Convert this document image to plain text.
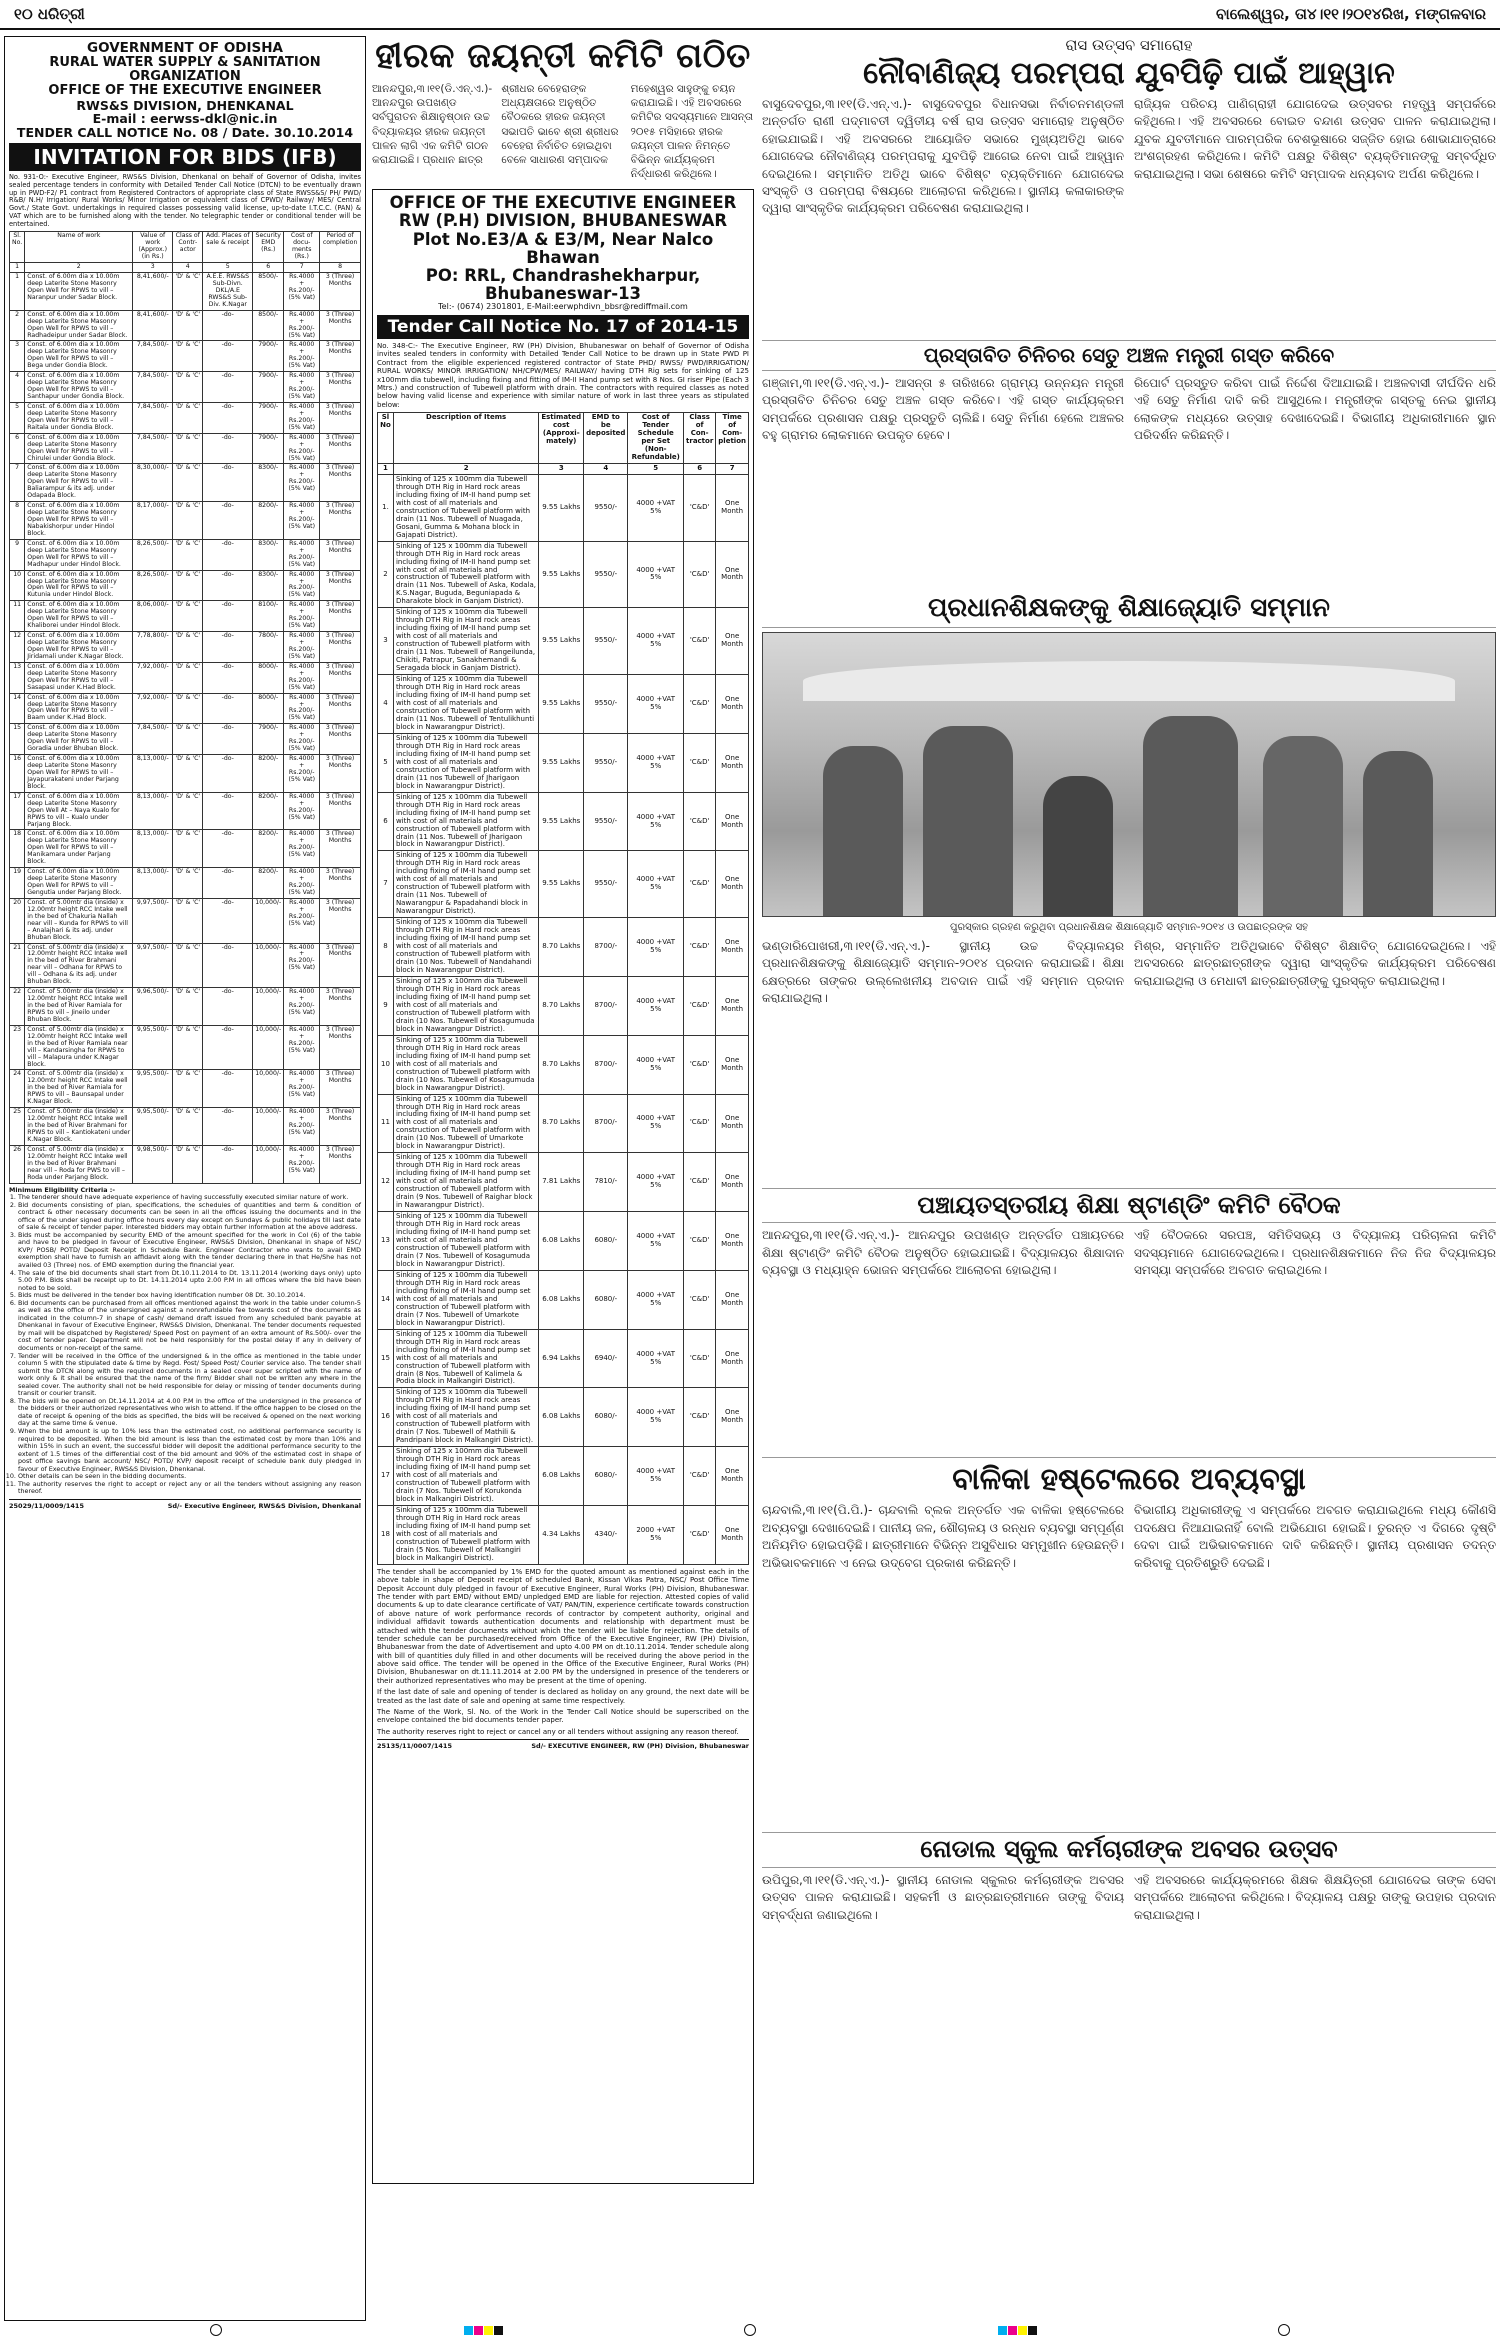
୧୦ ଧରିତ୍ରୀ	ବାଲେଶ୍ୱର, ତା୪।୧୧।୨୦୧୪ରିଖ, ମଙ୍ଗଳବାର
GOVERNMENT OF ODISHA
RURAL WATER SUPPLY & SANITATION ORGANIZATION
OFFICE OF THE EXECUTIVE ENGINEER
RWS&S DIVISION, DHENKANAL
E-mail : eerwss-dkl@nic.in
TENDER CALL NOTICE No. 08 / Date. 30.10.2014
INVITATION FOR BIDS (IFB)
No. 931-O:- Executive Engineer, RWS&S Division, Dhenkanal on behalf of Governor of Odisha, invites sealed percentage tenders in conformity with Detailed Tender Call Notice (DTCN) to be eventually drawn up in PWD-F2/ P1 contract from Registered Contractors of appropriate class of State RWSS&S/ PH/ PWD/ R&B/ N.H/ Irrigation/ Rural Works/ Minor Irrigation or equivalent class of CPWD/ Railway/ MES/ Central Govt./ State Govt. undertakings in required classes possessing valid license, up-to-date I.T.C.C. (PAN) & VAT which are to be furnished along with the tender. No telegraphic tender or conditional tender will be entertained.
Sl. No.	Name of work	Value of work (Approx.) (in Rs.)	Class of Contr-actor	Add. Places of sale & receipt	Security EMD (Rs.)	Cost of docu-ments (Rs.)	Period of completion
1	2	3	4	5	6	7	8
1	Const. of 6.00m dia x 10.00m deep Laterite Stone Masonry Open Well for RPWS to vill – Naranpur under Sadar Block.	8,41,600/-	'D' & 'C'	A.E.E. RWS&S Sub-Divn. DKL/A.E RWS&S Sub-Div. K.Nagar	8500/-	Rs.4000 + Rs.200/- (5% Vat)	3 (Three) Months
2	Const. of 6.00m dia x 10.00m deep Laterite Stone Masonry Open Well for RPWS to vill – Radhadeipur under Sadar Block.	8,41,600/-	'D' & 'C'	-do-	8500/-	Rs.4000 + Rs.200/- (5% Vat)	3 (Three) Months
3	Const. of 6.00m dia x 10.00m deep Laterite Stone Masonry Open Well for RPWS to vill – Bega under Gondia Block.	7,84,500/-	'D' & 'C'	-do-	7900/-	Rs.4000 + Rs.200/- (5% Vat)	3 (Three) Months
4	Const. of 6.00m dia x 10.00m deep Laterite Stone Masonry Open Well for RPWS to vill – Santhapur under Gondia Block.	7,84,500/-	'D' & 'C'	-do-	7900/-	Rs.4000 + Rs.200/- (5% Vat)	3 (Three) Months
5	Const. of 6.00m dia x 10.00m deep Laterite Stone Masonry Open Well for RPWS to vill – Raitala under Gondia Block.	7,84,500/-	'D' & 'C'	-do-	7900/-	Rs.4000 + Rs.200/- (5% Vat)	3 (Three) Months
6	Const. of 6.00m dia x 10.00m deep Laterite Stone Masonry Open Well for RPWS to vill – Chirulei under Gondia Block.	7,84,500/-	'D' & 'C'	-do-	7900/-	Rs.4000 + Rs.200/- (5% Vat)	3 (Three) Months
7	Const. of 6.00m dia x 10.00m deep Laterite Stone Masonry Open Well for RPWS to vill – Baliarampur & its adj. under Odapada Block.	8,30,000/-	'D' & 'C'	-do-	8300/-	Rs.4000 + Rs.200/- (5% Vat)	3 (Three) Months
8	Const. of 6.00m dia x 10.00m deep Laterite Stone Masonry Open Well for RPWS to vill – Nabakishorpur under Hindol Block.	8,17,000/-	'D' & 'C'	-do-	8200/-	Rs.4000 + Rs.200/- (5% Vat)	3 (Three) Months
9	Const. of 6.00m dia x 10.00m deep Laterite Stone Masonry Open Well for RPWS to vill – Madhapur under Hindol Block.	8,26,500/-	'D' & 'C'	-do-	8300/-	Rs.4000 + Rs.200/- (5% Vat)	3 (Three) Months
10	Const. of 6.00m dia x 10.00m deep Laterite Stone Masonry Open Well for RPWS to vill – Kutunia under Hindol Block.	8,26,500/-	'D' & 'C'	-do-	8300/-	Rs.4000 + Rs.200/- (5% Vat)	3 (Three) Months
11	Const. of 6.00m dia x 10.00m deep Laterite Stone Masonry Open Well for RPWS to vill – Khaliborei under Hindol Block.	8,06,000/-	'D' & 'C'	-do-	8100/-	Rs.4000 + Rs.200/- (5% Vat)	3 (Three) Months
12	Const. of 6.00m dia x 10.00m deep Laterite Stone Masonry Open Well for RPWS to vill – Jiridamali under K.Nagar Block.	7,78,800/-	'D' & 'C'	-do-	7800/-	Rs.4000 + Rs.200/- (5% Vat)	3 (Three) Months
13	Const. of 6.00m dia x 10.00m deep Laterite Stone Masonry Open Well for RPWS to vill – Sasapasi under K.Had Block.	7,92,000/-	'D' & 'C'	-do-	8000/-	Rs.4000 + Rs.200/- (5% Vat)	3 (Three) Months
14	Const. of 6.00m dia x 10.00m deep Laterite Stone Masonry Open Well for RPWS to vill – Baam under K.Had Block.	7,92,000/-	'D' & 'C'	-do-	8000/-	Rs.4000 + Rs.200/- (5% Vat)	3 (Three) Months
15	Const. of 6.00m dia x 10.00m deep Laterite Stone Masonry Open Well for RPWS to vill – Goradia under Bhuban Block.	7,84,500/-	'D' & 'C'	-do-	7900/-	Rs.4000 + Rs.200/- (5% Vat)	3 (Three) Months
16	Const. of 6.00m dia x 10.00m deep Laterite Stone Masonry Open Well for RPWS to vill – Jayapurakateni under Parjang Block.	8,13,000/-	'D' & 'C'	-do-	8200/-	Rs.4000 + Rs.200/- (5% Vat)	3 (Three) Months
17	Const. of 6.00m dia x 10.00m deep Laterite Stone Masonry Open Well At – Naya Kualo for RPWS to vill – Kualo under Parjang Block.	8,13,000/-	'D' & 'C'	-do-	8200/-	Rs.4000 + Rs.200/- (5% Vat)	3 (Three) Months
18	Const. of 6.00m dia x 10.00m deep Laterite Stone Masonry Open Well for RPWS to vill – Manikamara under Parjang Block.	8,13,000/-	'D' & 'C'	-do-	8200/-	Rs.4000 + Rs.200/- (5% Vat)	3 (Three) Months
19	Const. of 6.00m dia x 10.00m deep Laterite Stone Masonry Open Well for RPWS to vill – Gengutia under Parjang Block.	8,13,000/-	'D' & 'C'	-do-	8200/-	Rs.4000 + Rs.200/- (5% Vat)	3 (Three) Months
20	Const. of 5.00mtr dia (inside) x 12.00mtr height RCC Intake well in the bed of Chakuria Nallah near vill – Kunda for RPWS to vill – Analajhari & its adj. under Bhuban Block.	9,97,500/-	'D' & 'C'	-do-	10,000/-	Rs.4000 + Rs.200/- (5% Vat)	3 (Three) Months
21	Const. of 5.00mtr dia (inside) x 12.00mtr height RCC Intake well in the bed of River Brahmani near vill – Odhana for RPWS to vill – Odhana & its adj. under Bhuban Block.	9,97,500/-	'D' & 'C'	-do-	10,000/-	Rs.4000 + Rs.200/- (5% Vat)	3 (Three) Months
22	Const. of 5.00mtr dia (inside) x 12.00mtr height RCC Intake well in the bed of River Ramiala for RPWS to vill – Jineilo under Bhuban Block.	9,96,500/-	'D' & 'C'	-do-	10,000/-	Rs.4000 + Rs.200/- (5% Vat)	3 (Three) Months
23	Const. of 5.00mtr dia (inside) x 12.00mtr height RCC Intake well in the bed of River Ramiala near vill – Kandarsingha for RPWS to vill – Malapura under K.Nagar Block.	9,95,500/-	'D' & 'C'	-do-	10,000/-	Rs.4000 + Rs.200/- (5% Vat)	3 (Three) Months
24	Const. of 5.00mtr dia (inside) x 12.00mtr height RCC Intake well in the bed of River Ramiala for RPWS to vill – Baunsapal under K.Nagar Block.	9,95,500/-	'D' & 'C'	-do-	10,000/-	Rs.4000 + Rs.200/- (5% Vat)	3 (Three) Months
25	Const. of 5.00mtr dia (inside) x 12.00mtr height RCC Intake well in the bed of River Brahmani for RPWS to vill – Kantiokateni under K.Nagar Block.	9,95,500/-	'D' & 'C'	-do-	10,000/-	Rs.4000 + Rs.200/- (5% Vat)	3 (Three) Months
26	Const. of 5.00mtr dia (inside) x 12.00mtr height RCC Intake well in the bed of River Brahmani near vill – Roda for PWS to vill – Roda under Parjang Block.	9,98,500/-	'D' & 'C'	-do-	10,000/-	Rs.4000 + Rs.200/- (5% Vat)	3 (Three) Months
Minimum Eligibility Criteria :-
1. The tenderer should have adequate experience of having successfully executed similar nature of work.
2. Bid documents consisting of plan, specifications, the schedules of quantities and term & condition of contract & other necessary documents can be seen in all the offices issuing the documents and in the office of the under signed during office hours every day except on Sundays & public holidays till last date of sale & receipt of tender paper. Interested bidders may obtain further information at the above address.
3. Bids must be accompanied by security EMD of the amount specified for the work in Col (6) of the table and have to be pledged in favour of Executive Engineer, RWS&S Division, Dhenkanal in shape of NSC/ KVP/ POSB/ POTD/ Deposit Receipt in Schedule Bank. Engineer Contractor who wants to avail EMD exemption shall have to furnish an affidavit along with the tender declaring there in that He/She has not availed 03 (Three) nos. of EMD exemption during the financial year.
4. The sale of the bid documents shall start from Dt.10.11.2014 to Dt. 13.11.2014 (working days only) upto 5.00 P.M. Bids shall be receipt up to Dt. 14.11.2014 upto 2.00 P.M in all offices where the bid have been noted to be sold.
5. Bids must be delivered in the tender box having identification number 08 Dt. 30.10.2014.
6. Bid documents can be purchased from all offices mentioned against the work in the table under column-5 as well as the office of the undersigned against a nonrefundable fee towards cost of the documents as indicated in the column-7 in shape of cash/ demand draft issued from any scheduled bank payable at Dhenkanal in favour of Executive Engineer, RWS&S Division, Dhenkanal. The tender documents requested by mail will be dispatched by Registered/ Speed Post on payment of an extra amount of Rs.500/- over the cost of tender paper. Department will not be held responsibly for the postal delay if any in delivery of documents or non-receipt of the same.
7. Tender will be received in the Office of the undersigned & in the office as mentioned in the table under column 5 with the stipulated date & time by Regd. Post/ Speed Post/ Courier service also. The tender shall submit the DTCN along with the required documents in a sealed cover super scripted with the name of work only & it shall be ensured that the name of the firm/ Bidder shall not be written any where in the sealed cover. The authority shall not be held responsible for delay or missing of tender documents during transit or courier transit.
8. The bids will be opened on Dt.14.11.2014 at 4.00 P.M in the office of the undersigned in the presence of the bidders or their authorized representatives who wish to attend. If the office happen to be closed on the date of receipt & opening of the bids as specified, the bids will be received & opened on the next working day at the same time & venue.
9. When the bid amount is up to 10% less than the estimated cost, no additional performance security is required to be deposited. When the bid amount is less than the estimated cost by more than 10% and within 15% in such an event, the successful bidder will deposit the additional performance security to the extent of 1.5 times of the differential cost of the bid amount and 90% of the estimated cost in shape of post office savings bank account/ NSC/ POTD/ KVP/ deposit receipt of schedule bank duly pledged in favour of Executive Engineer, RWS&S Division, Dhenkanal.
10. Other details can be seen in the bidding documents.
11. The authority reserves the right to accept or reject any or all the tenders without assigning any reason thereof.
25029/11/0009/1415	Sd/- Executive Engineer, RWS&S Division, Dhenkanal
ହୀରକ ଜୟନ୍ତୀ କମିଟି ଗଠିତ
ଆନନ୍ଦପୁର,୩।୧୧(ଡି.ଏନ୍.ଏ.)- ଆନନ୍ଦପୁର ଉପଖଣ୍ଡ ସର୍ବପୁରାତନ ଶିକ୍ଷାନୁଷ୍ଠାନ ଉଚ୍ଚ ବିଦ୍ୟାଳୟର ହୀରକ ଜୟନ୍ତୀ ପାଳନ ଲାଗି ଏକ କମିଟି ଗଠନ କରାଯାଇଛି। ପ୍ରଧାନ ଛାତ୍ର
ଶ୍ରୀଧର ବେହେରାଙ୍କ ଅଧ୍ୟକ୍ଷତାରେ ଅନୁଷ୍ଠିତ ବୈଠକରେ ହୀରକ ଜୟନ୍ତୀ ସଭାପତି ଭାବେ ଶ୍ରୀ ଶ୍ରୀଧର ବେହେରା ନିର୍ବାଚିତ ହୋଇଥିବା ବେଳେ ସାଧାରଣ ସମ୍ପାଦକ
ମହେଶ୍ୱର ସାହୁଙ୍କୁ ଚୟନ କରାଯାଇଛି। ଏହି ଅବସରରେ କମିଟିର ସଦସ୍ୟମାନେ ଆସନ୍ତା ୨୦୧୫ ମସିହାରେ ହୀରକ ଜୟନ୍ତୀ ପାଳନ ନିମନ୍ତେ ବିଭିନ୍ନ କାର୍ଯ୍ୟକ୍ରମ ନିର୍ଦ୍ଧାରଣ କରିଥିଲେ।
OFFICE OF THE EXECUTIVE ENGINEER
RW (P.H) DIVISION, BHUBANESWAR
Plot No.E3/A & E3/M, Near Nalco Bhawan
PO: RRL, Chandrashekharpur, Bhubaneswar-13
Tel:- (0674) 2301801, E-Mail:eerwphdivn_bbsr@rediffmail.com
Tender Call Notice No. 17 of 2014-15
No. 348-C:- The Executive Engineer, RW (PH) Division, Bhubaneswar on behalf of Governor of Odisha invites sealed tenders in conformity with Detailed Tender Call Notice to be drawn up in State PWD PI Contract from the eligible experienced registered contractor of State PHD/ RWSS/ PWD/IRRIGATION/ RURAL WORKS/ MINOR IRRIGATION/ NH/CPW/MES/ RAILWAY/ having DTH Rig sets for sinking of 125 x100mm dia tubewell, including fixing and fitting of IM-II Hand pump set with 8 Nos. GI riser Pipe (Each 3 Mtrs.) and construction of Tubewell platform with drain. The contractors with required classes as noted below having valid license and experience with similar nature of work in last three years as stipulated below:
Sl No	Description of Items	Estimated cost (Approxi-mately)	EMD to be deposited	Cost of Tender Schedule per Set (Non-Refundable)	Class of Con-tractor	Time of Com-pletion
1	2	3	4	5	6	7
1.	Sinking of 125 x 100mm dia Tubewell through DTH Rig in Hard rock areas including fixing of IM-II hand pump set with cost of all materials and construction of Tubewell platform with drain (11 Nos. Tubewell of Nuagada, Gosani, Gumma & Mohana block in Gajapati District).	9.55 Lakhs	9550/-	4000 +VAT 5%	'C&D'	One Month
2	Sinking of 125 x 100mm dia Tubewell through DTH Rig in Hard rock areas including fixing of IM-II hand pump set with cost of all materials and construction of Tubewell platform with drain (11 Nos. Tubewell of Aska, Kodala, K.S.Nagar, Buguda, Beguniapada & Dharakote block in Ganjam District).	9.55 Lakhs	9550/-	4000 +VAT 5%	'C&D'	One Month
3	Sinking of 125 x 100mm dia Tubewell through DTH Rig in Hard rock areas including fixing of IM-II hand pump set with cost of all materials and construction of Tubewell platform with drain (11 Nos. Tubewell of Rangeilunda, Chikiti, Patrapur, Sanakhemandi & Seragada block in Ganjam District).	9.55 Lakhs	9550/-	4000 +VAT 5%	'C&D'	One Month
4	Sinking of 125 x 100mm dia Tubewell through DTH Rig in Hard rock areas including fixing of IM-II hand pump set with cost of all materials and construction of Tubewell platform with drain (11 Nos. Tubewell of Tentulikhunti block in Nawarangpur District).	9.55 Lakhs	9550/-	4000 +VAT 5%	'C&D'	One Month
5	Sinking of 125 x 100mm dia Tubewell through DTH Rig in Hard rock areas including fixing of IM-II hand pump set with cost of all materials and construction of Tubewell platform with drain (11 nos Tubewell of Jharigaon block in Nawarangpur District).	9.55 Lakhs	9550/-	4000 +VAT 5%	'C&D'	One Month
6	Sinking of 125 x 100mm dia Tubewell through DTH Rig in Hard rock areas including fixing of IM-II hand pump set with cost of all materials and construction of Tubewell platform with drain (11 Nos. Tubewell of Jharigaon block in Nawarangpur District).	9.55 Lakhs	9550/-	4000 +VAT 5%	'C&D'	One Month
7	Sinking of 125 x 100mm dia Tubewell through DTH Rig in Hard rock areas including fixing of IM-II hand pump set with cost of all materials and construction of Tubewell platform with drain (11 Nos. Tubewell of Nawarangpur & Papadahandi block in Nawarangpur District).	9.55 Lakhs	9550/-	4000 +VAT 5%	'C&D'	One Month
8	Sinking of 125 x 100mm dia Tubewell through DTH Rig in Hard rock areas including fixing of IM-II hand pump set with cost of all materials and construction of Tubewell platform with drain (10 Nos. Tubewell of Nandahandi block in Nawarangpur District).	8.70 Lakhs	8700/-	4000 +VAT 5%	'C&D'	One Month
9	Sinking of 125 x 100mm dia Tubewell through DTH Rig in Hard rock areas including fixing of IM-II hand pump set with cost of all materials and construction of Tubewell platform with drain (10 Nos. Tubewell of Kosagumuda block in Nawarangpur District).	8.70 Lakhs	8700/-	4000 +VAT 5%	'C&D'	One Month
10	Sinking of 125 x 100mm dia Tubewell through DTH Rig in Hard rock areas including fixing of IM-II hand pump set with cost of all materials and construction of Tubewell platform with drain (10 Nos. Tubewell of Kosagumuda block in Nawarangpur District).	8.70 Lakhs	8700/-	4000 +VAT 5%	'C&D'	One Month
11	Sinking of 125 x 100mm dia Tubewell through DTH Rig in Hard rock areas including fixing of IM-II hand pump set with cost of all materials and construction of Tubewell platform with drain (10 Nos. Tubewell of Umarkote block in Nawarangpur District).	8.70 Lakhs	8700/-	4000 +VAT 5%	'C&D'	One Month
12	Sinking of 125 x 100mm dia Tubewell through DTH Rig in Hard rock areas including fixing of IM-II hand pump set with cost of all materials and construction of Tubewell platform with drain (9 Nos. Tubewell of Raighar block in Nawarangpur District).	7.81 Lakhs	7810/-	4000 +VAT 5%	'C&D'	One Month
13	Sinking of 125 x 100mm dia Tubewell through DTH Rig in Hard rock areas including fixing of IM-II hand pump set with cost of all materials and construction of Tubewell platform with drain (7 Nos. Tubewell of Kosagumuda block in Nawarangpur District).	6.08 Lakhs	6080/-	4000 +VAT 5%	'C&D'	One Month
14	Sinking of 125 x 100mm dia Tubewell through DTH Rig in Hard rock areas including fixing of IM-II hand pump set with cost of all materials and construction of Tubewell platform with drain (7 Nos. Tubewell of Umarkote block in Nawarangpur District).	6.08 Lakhs	6080/-	4000 +VAT 5%	'C&D'	One Month
15	Sinking of 125 x 100mm dia Tubewell through DTH Rig in Hard rock areas including fixing of IM-II hand pump set with cost of all materials and construction of Tubewell platform with drain (8 Nos. Tubewell of Kalimela & Podia block in Malkangiri District).	6.94 Lakhs	6940/-	4000 +VAT 5%	'C&D'	One Month
16	Sinking of 125 x 100mm dia Tubewell through DTH Rig in Hard rock areas including fixing of IM-II hand pump set with cost of all materials and construction of Tubewell platform with drain (7 Nos. Tubewell of Mathili & Pandripani block in Malkangiri District).	6.08 Lakhs	6080/-	4000 +VAT 5%	'C&D'	One Month
17	Sinking of 125 x 100mm dia Tubewell through DTH Rig in Hard rock areas including fixing of IM-II hand pump set with cost of all materials and construction of Tubewell platform with drain (7 Nos. Tubewell of Korukonda block in Malkangiri District).	6.08 Lakhs	6080/-	4000 +VAT 5%	'C&D'	One Month
18	Sinking of 125 x 100mm dia Tubewell through DTH Rig in Hard rock areas including fixing of IM-II hand pump set with cost of all materials and construction of Tubewell platform with drain (5 Nos. Tubewell of Malkangiri block in Malkangiri District).	4.34 Lakhs	4340/-	2000 +VAT 5%	'C&D'	One Month
The tender shall be accompanied by 1% EMD for the quoted amount as mentioned against each in the above table in shape of Deposit receipt of scheduled Bank, Kissan Vikas Patra, NSC/ Post Office Time Deposit Account duly pledged in favour of Executive Engineer, Rural Works (PH) Division, Bhubaneswar. The tender with part EMD/ without EMD/ unpledged EMD are liable for rejection. Attested copies of valid documents & up to date clearance certificate of VAT/ PAN/TIN, experience certificate towards construction of above nature of work performance records of contractor by competent authority, original and individual affidavit towards authentication documents and relationship with department must be attached with the tender documents without which the tender will be liable for rejection. The details of tender schedule can be purchased/received from Office of the Executive Engineer, RW (PH) Division, Bhubaneswar from the date of Advertisement and upto 4.00 PM on dt.10.11.2014. Tender schedule along with bill of quantities duly filled in and other documents will be received during the above period in the above said office. The tender will be opened in the Office of the Executive Engineer, Rural Works (PH) Division, Bhubaneswar on dt.11.11.2014 at 2.00 PM by the undersigned in presence of the tenderers or their authorized representatives who may be present at the time of opening.
If the last date of sale and opening of tender is declared as holiday on any ground, the next date will be treated as the last date of sale and opening at same time respectively.
The Name of the Work, Sl. No. of the Work in the Tender Call Notice should be superscribed on the envelope contained the bid documents tender paper.
The authority reserves right to reject or cancel any or all tenders without assigning any reason thereof.
25135/11/0007/1415	Sd/- EXECUTIVE ENGINEER, RW (PH) Division, Bhubaneswar
ରାସ ଉତ୍ସବ ସମାରୋହ
ନୌବାଣିଜ୍ୟ ପରମ୍ପରା ଯୁବପିଢ଼ି ପାଇଁ ଆହ୍ୱାନ
ବାସୁଦେବପୁର,୩।୧୧(ଡି.ଏନ୍.ଏ.)- ବାସୁଦେବପୁର ବିଧାନସଭା ନିର୍ବାଚନମଣ୍ଡଳୀ ଅନ୍ତର୍ଗତ ରାଣୀ ପଦ୍ମାବତୀ ଦ୍ୱିତୀୟ ବର୍ଷ ରାସ ଉତ୍ସବ ସମାରୋହ ଅନୁଷ୍ଠିତ ହୋଇଯାଇଛି। ଏହି ଅବସରରେ ଆୟୋଜିତ ସଭାରେ ମୁଖ୍ୟଅତିଥି ଭାବେ ଯୋଗଦେଇ ନୌବାଣିଜ୍ୟ ପରମ୍ପରାକୁ ଯୁବପିଢ଼ି ଆଗେଇ ନେବା ପାଇଁ ଆହ୍ୱାନ ଦେଇଥିଲେ। ସମ୍ମାନିତ ଅତିଥି ଭାବେ ବିଶିଷ୍ଟ ବ୍ୟକ୍ତିମାନେ ଯୋଗଦେଇ ସଂସ୍କୃତି ଓ ପରମ୍ପରା ବିଷୟରେ ଆଲୋଚନା କରିଥିଲେ। ସ୍ଥାନୀୟ କଳାକାରଙ୍କ ଦ୍ୱାରା ସାଂସ୍କୃତିକ କାର୍ଯ୍ୟକ୍ରମ ପରିବେଷଣ କରାଯାଇଥିଲା।
ରାଜ୍ୟିକ ପରିଚୟ ପାଣିଗ୍ରାହୀ ଯୋଗଦେଇ ଉତ୍ସବର ମହତ୍ତ୍ୱ ସମ୍ପର୍କରେ କହିଥିଲେ। ଏହି ଅବସରରେ ବୋଇତ ବନ୍ଦାଣ ଉତ୍ସବ ପାଳନ କରାଯାଇଥିଲା। ଯୁବକ ଯୁବତୀମାନେ ପାରମ୍ପରିକ ବେଶଭୂଷାରେ ସଜ୍ଜିତ ହୋଇ ଶୋଭାଯାତ୍ରାରେ ଅଂଶଗ୍ରହଣ କରିଥିଲେ। କମିଟି ପକ୍ଷରୁ ବିଶିଷ୍ଟ ବ୍ୟକ୍ତିମାନଙ୍କୁ ସମ୍ବର୍ଦ୍ଧିତ କରାଯାଇଥିଲା। ସଭା ଶେଷରେ କମିଟି ସମ୍ପାଦକ ଧନ୍ୟବାଦ ଅର୍ପଣ କରିଥିଲେ।
ପ୍ରସ୍ତାବିତ ଚିନିଚର ସେତୁ ଅଞ୍ଚଳ ମନ୍ତ୍ରୀ ଗସ୍ତ କରିବେ
ଗଞ୍ଜାମ,୩।୧୧(ଡି.ଏନ୍.ଏ.)- ଆସନ୍ତା ୫ ତାରିଖରେ ଗ୍ରାମ୍ୟ ଉନ୍ନୟନ ମନ୍ତ୍ରୀ ପ୍ରସ୍ତାବିତ ଚିନିଚର ସେତୁ ଅଞ୍ଚଳ ଗସ୍ତ କରିବେ। ଏହି ଗସ୍ତ କାର୍ଯ୍ୟକ୍ରମ ସମ୍ପର୍କରେ ପ୍ରଶାସନ ପକ୍ଷରୁ ପ୍ରସ୍ତୁତି ଚାଲିଛି। ସେତୁ ନିର୍ମାଣ ହେଲେ ଅଞ୍ଚଳର ବହୁ ଗ୍ରାମର ଲୋକମାନେ ଉପକୃତ ହେବେ।
ରିପୋର୍ଟ ପ୍ରସ୍ତୁତ କରିବା ପାଇଁ ନିର୍ଦ୍ଦେଶ ଦିଆଯାଇଛି। ଅଞ୍ଚଳବାସୀ ଦୀର୍ଘଦିନ ଧରି ଏହି ସେତୁ ନିର୍ମାଣ ଦାବି କରି ଆସୁଥିଲେ। ମନ୍ତ୍ରୀଙ୍କ ଗସ୍ତକୁ ନେଇ ସ୍ଥାନୀୟ ଲୋକଙ୍କ ମଧ୍ୟରେ ଉତ୍ସାହ ଦେଖାଦେଇଛି। ବିଭାଗୀୟ ଅଧିକାରୀମାନେ ସ୍ଥାନ ପରିଦର୍ଶନ କରିଛନ୍ତି।
ପ୍ରଧାନଶିକ୍ଷକଙ୍କୁ ଶିକ୍ଷାଜ୍ୟୋତି ସମ୍ମାନ
ପୁରସ୍କାର ଗ୍ରହଣ କରୁଥିବା ପ୍ରଧାନଶିକ୍ଷକ ଶିକ୍ଷାଜ୍ୟୋତି ସମ୍ମାନ-୨୦୧୪ ଓ ଉପଛାତ୍ରଙ୍କ ସହ
ଭଣ୍ଡାରିପୋଖରୀ,୩।୧୧(ଡି.ଏନ୍.ଏ.)- ସ୍ଥାନୀୟ ଉଚ୍ଚ ବିଦ୍ୟାଳୟର ପ୍ରଧାନଶିକ୍ଷକଙ୍କୁ ଶିକ୍ଷାଜ୍ୟୋତି ସମ୍ମାନ-୨୦୧୪ ପ୍ରଦାନ କରାଯାଇଛି। ଶିକ୍ଷା କ୍ଷେତ୍ରରେ ତାଙ୍କର ଉଲ୍ଲେଖନୀୟ ଅବଦାନ ପାଇଁ ଏହି ସମ୍ମାନ ପ୍ରଦାନ କରାଯାଇଥିଲା।
ମିଶ୍ର, ସମ୍ମାନିତ ଅତିଥିଭାବେ ବିଶିଷ୍ଟ ଶିକ୍ଷାବିତ୍ ଯୋଗଦେଇଥିଲେ। ଏହି ଅବସରରେ ଛାତ୍ରଛାତ୍ରୀଙ୍କ ଦ୍ୱାରା ସାଂସ୍କୃତିକ କାର୍ଯ୍ୟକ୍ରମ ପରିବେଷଣ କରାଯାଇଥିଲା ଓ ମେଧାବୀ ଛାତ୍ରଛାତ୍ରୀଙ୍କୁ ପୁରସ୍କୃତ କରାଯାଇଥିଲା।
ପଞ୍ଚାୟତସ୍ତରୀୟ ଶିକ୍ଷା ଷ୍ଟାଣ୍ଡିଂ କମିଟି ବୈଠକ
ଆନନ୍ଦପୁର,୩।୧୧(ଡି.ଏନ୍.ଏ.)- ଆନନ୍ଦପୁର ଉପଖଣ୍ଡ ଅନ୍ତର୍ଗତ ପଞ୍ଚାୟତରେ ଶିକ୍ଷା ଷ୍ଟାଣ୍ଡିଂ କମିଟି ବୈଠକ ଅନୁଷ୍ଠିତ ହୋଇଯାଇଛି। ବିଦ୍ୟାଳୟର ଶିକ୍ଷାଦାନ ବ୍ୟବସ୍ଥା ଓ ମଧ୍ୟାହ୍ନ ଭୋଜନ ସମ୍ପର୍କରେ ଆଲୋଚନା ହୋଇଥିଲା।
ଏହି ବୈଠକରେ ସରପଞ୍ଚ, ସମିତିସଭ୍ୟ ଓ ବିଦ୍ୟାଳୟ ପରିଚାଳନା କମିଟି ସଦସ୍ୟମାନେ ଯୋଗଦେଇଥିଲେ। ପ୍ରଧାନଶିକ୍ଷକମାନେ ନିଜ ନିଜ ବିଦ୍ୟାଳୟର ସମସ୍ୟା ସମ୍ପର୍କରେ ଅବଗତ କରାଇଥିଲେ।
ବାଳିକା ହଷ୍ଟେଲରେ ଅବ୍ୟବସ୍ଥା
ଚାନ୍ଦବାଲି,୩।୧୧(ପି.ପି.)- ଚାନ୍ଦବାଲି ବ୍ଲକ ଅନ୍ତର୍ଗତ ଏକ ବାଳିକା ହଷ୍ଟେଲରେ ଅବ୍ୟବସ୍ଥା ଦେଖାଦେଇଛି। ପାନୀୟ ଜଳ, ଶୌଚାଳୟ ଓ ରନ୍ଧନ ବ୍ୟବସ୍ଥା ସମ୍ପୂର୍ଣ୍ଣ ଅନିୟମିତ ହୋଇପଡ଼ିଛି। ଛାତ୍ରୀମାନେ ବିଭିନ୍ନ ଅସୁବିଧାର ସମ୍ମୁଖୀନ ହେଉଛନ୍ତି। ଅଭିଭାବକମାନେ ଏ ନେଇ ଉଦ୍ବେଗ ପ୍ରକାଶ କରିଛନ୍ତି।
ବିଭାଗୀୟ ଅଧିକାରୀଙ୍କୁ ଏ ସମ୍ପର୍କରେ ଅବଗତ କରାଯାଇଥିଲେ ମଧ୍ୟ କୌଣସି ପଦକ୍ଷେପ ନିଆଯାଇନାହିଁ ବୋଲି ଅଭିଯୋଗ ହୋଇଛି। ତୁରନ୍ତ ଏ ଦିଗରେ ଦୃଷ୍ଟି ଦେବା ପାଇଁ ଅଭିଭାବକମାନେ ଦାବି କରିଛନ୍ତି। ସ୍ଥାନୀୟ ପ୍ରଶାସନ ତଦନ୍ତ କରିବାକୁ ପ୍ରତିଶ୍ରୁତି ଦେଇଛି।
ନୋଡାଲ ସ୍କୁଲ କର୍ମଚାରୀଙ୍କ ଅବସର ଉତ୍ସବ
ଉପିପୁର,୩।୧୧(ଡି.ଏନ୍.ଏ.)- ସ୍ଥାନୀୟ ନୋଡାଲ ସ୍କୁଲର କର୍ମଚାରୀଙ୍କ ଅବସର ଉତ୍ସବ ପାଳନ କରାଯାଇଛି। ସହକର୍ମୀ ଓ ଛାତ୍ରଛାତ୍ରୀମାନେ ତାଙ୍କୁ ବିଦାୟ ସମ୍ବର୍ଦ୍ଧନା ଜଣାଇଥିଲେ।
ଏହି ଅବସରରେ କାର୍ଯ୍ୟକ୍ରମରେ ଶିକ୍ଷକ ଶିକ୍ଷୟିତ୍ରୀ ଯୋଗଦେଇ ତାଙ୍କ ସେବା ସମ୍ପର୍କରେ ଆଲୋଚନା କରିଥିଲେ। ବିଦ୍ୟାଳୟ ପକ୍ଷରୁ ତାଙ୍କୁ ଉପହାର ପ୍ରଦାନ କରାଯାଇଥିଲା।
